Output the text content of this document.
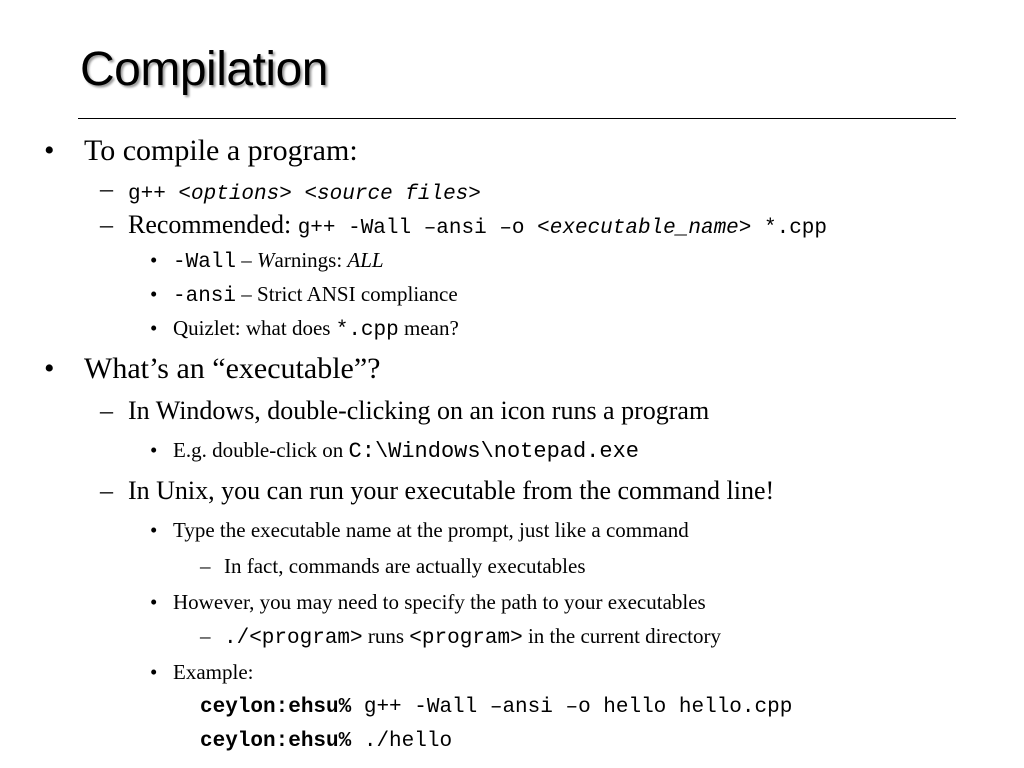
Compilation
• To compile a program:
– g++ <options> <source files>
– Recommended: g++ -Wall –ansi –o <executable_name> *.cpp
• -Wall – Warnings: ALL
• -ansi – Strict ANSI compliance
• Quizlet: what does *.cpp mean?
• What’s an “executable”?
– In Windows, double-clicking on an icon runs a program
• E.g. double-click on C:\Windows\notepad.exe
– In Unix, you can run your executable from the command line!
• Type the executable name at the prompt, just like a command
– In fact, commands are actually executables
• However, you may need to specify the path to your executables
– ./<program> runs <program> in the current directory
• Example:
ceylon:ehsu% g++ -Wall –ansi –o hello hello.cpp
ceylon:ehsu% ./hello
